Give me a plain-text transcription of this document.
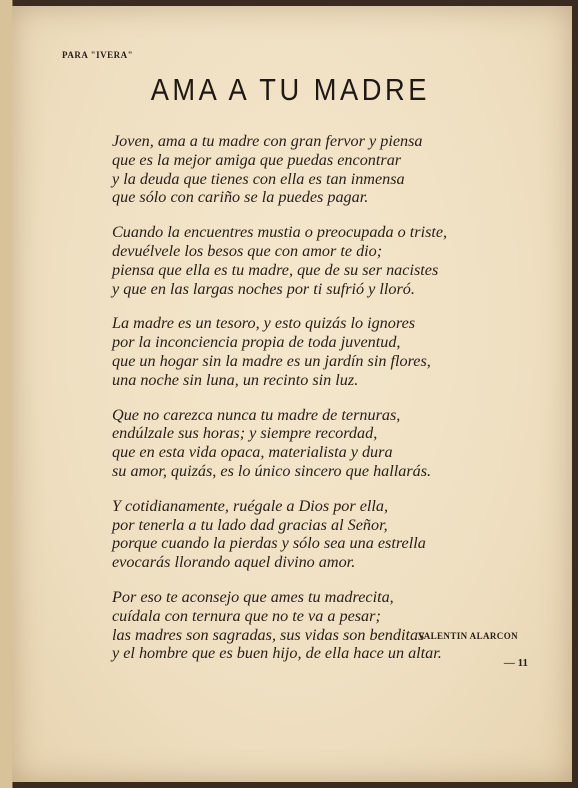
PARA "IVERA"
AMA A TU MADRE
Joven, ama a tu madre con gran fervor y piensa
que es la mejor amiga que puedas encontrar
y la deuda que tienes con ella es tan inmensa
que sólo con cariño se la puedes pagar.
Cuando la encuentres mustia o preocupada o triste,
devuélvele los besos que con amor te dio;
piensa que ella es tu madre, que de su ser nacistes
y que en las largas noches por ti sufrió y lloró.
La madre es un tesoro, y esto quizás lo ignores
por la inconciencia propia de toda juventud,
que un hogar sin la madre es un jardín sin flores,
una noche sin luna, un recinto sin luz.
Que no carezca nunca tu madre de ternuras,
endúlzale sus horas; y siempre recordad,
que en esta vida opaca, materialista y dura
su amor, quizás, es lo único sincero que hallarás.
Y cotidianamente, ruégale a Dios por ella,
por tenerla a tu lado dad gracias al Señor,
porque cuando la pierdas y sólo sea una estrella
evocarás llorando aquel divino amor.
Por eso te aconsejo que ames tu madrecita,
cuídala con ternura que no te va a pesar;
las madres son sagradas, sus vidas son benditas
y el hombre que es buen hijo, de ella hace un altar.
VALENTIN ALARCON
— 11
